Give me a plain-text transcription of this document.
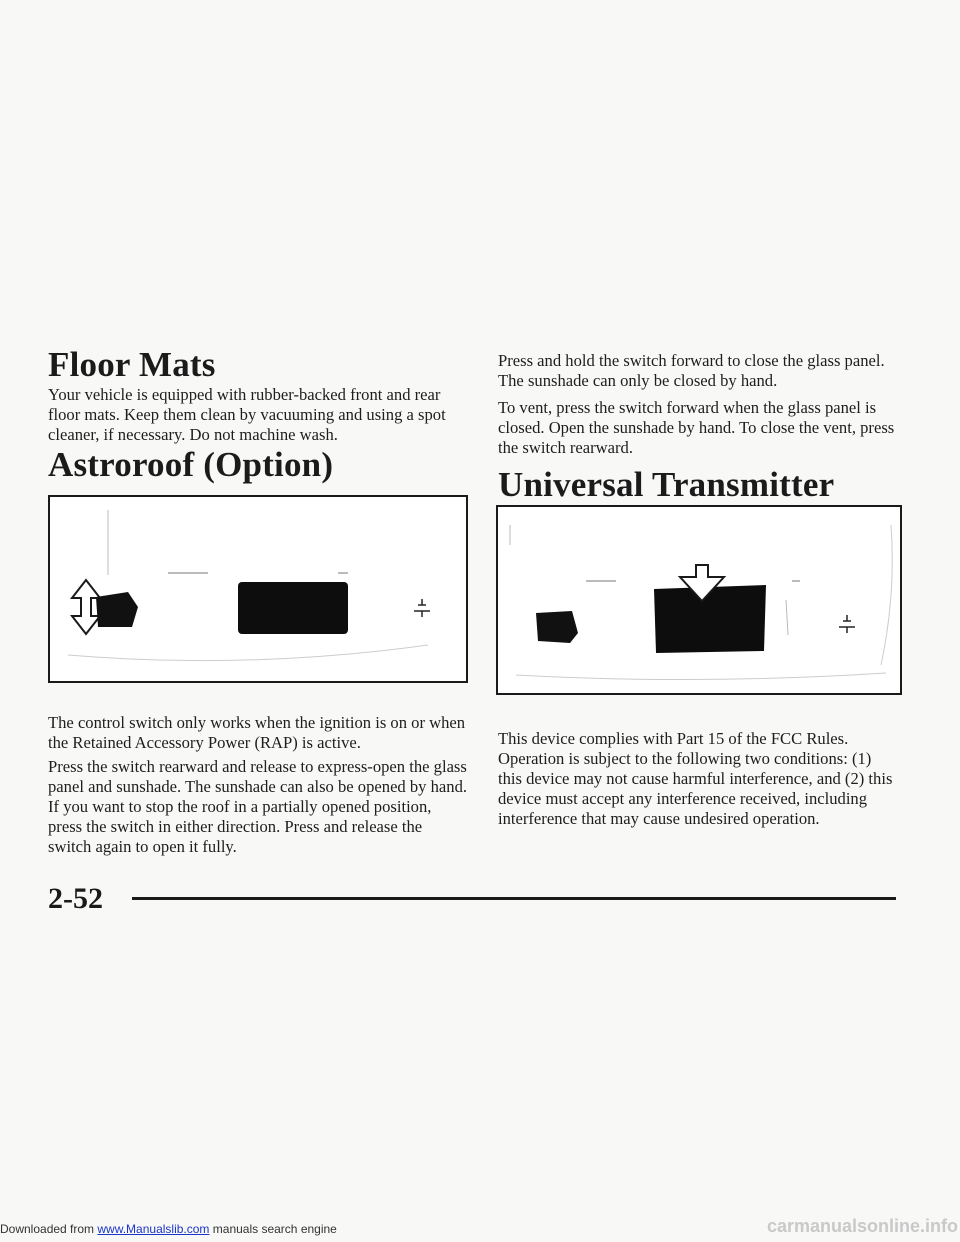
Floor Mats

Your vehicle is equipped with rubber-backed front and rear floor mats. Keep them clean by vacuuming and using a spot cleaner, if necessary. Do not machine wash.

Astroroof (Option)

The control switch only works when the ignition is on or when the Retained Accessory Power (RAP) is active.

Press the switch rearward and release to express-open the glass panel and sunshade. The sunshade can also be opened by hand. If you want to stop the roof in a partially opened position, press the switch in either direction. Press and release the switch again to open it fully.

Press and hold the switch forward to close the glass panel. The sunshade can only be closed by hand.

To vent, press the switch forward when the glass panel is closed. Open the sunshade by hand. To close the vent, press the switch rearward.

Universal Transmitter

This device complies with Part 15 of the FCC Rules. Operation is subject to the following two conditions: (1) this device may not cause harmful interference, and (2) this device must accept any interference received, including interference that may cause undesired operation.

2-52
Downloaded from www.Manualslib.com manuals search engine	carmanualsonline.info
